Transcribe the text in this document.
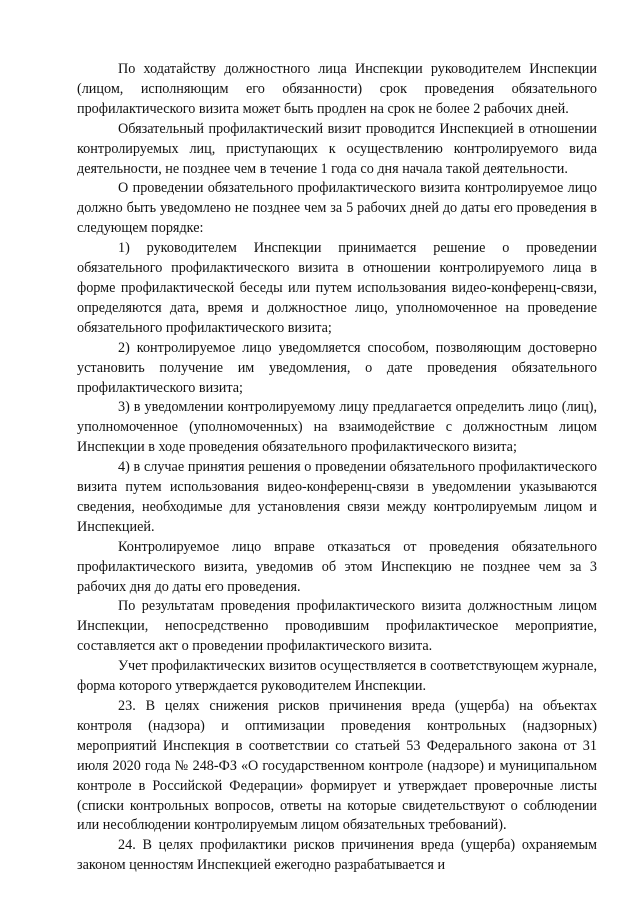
По ходатайству должностного лица Инспекции руководителем Инспекции (лицом, исполняющим его обязанности) срок проведения обязательного профилактического визита может быть продлен на срок не более 2 рабочих дней.

Обязательный профилактический визит проводится Инспекцией в отношении контролируемых лиц, приступающих к осуществлению контролируемого вида деятельности, не позднее чем в течение 1 года со дня начала такой деятельности.

О проведении обязательного профилактического визита контролируемое лицо должно быть уведомлено не позднее чем за 5 рабочих дней до даты его проведения в следующем порядке:

1) руководителем Инспекции принимается решение о проведении обязательного профилактического визита в отношении контролируемого лица в форме профилактической беседы или путем использования видео-конференц-связи, определяются дата, время и должностное лицо, уполномоченное на проведение обязательного профилактического визита;

2) контролируемое лицо уведомляется способом, позволяющим достоверно установить получение им уведомления, о дате проведения обязательного профилактического визита;

3) в уведомлении контролируемому лицу предлагается определить лицо (лиц), уполномоченное (уполномоченных) на взаимодействие с должностным лицом Инспекции в ходе проведения обязательного профилактического визита;

4) в случае принятия решения о проведении обязательного профилактического визита путем использования видео-конференц-связи в уведомлении указываются сведения, необходимые для установления связи между контролируемым лицом и Инспекцией.

Контролируемое лицо вправе отказаться от проведения обязательного профилактического визита, уведомив об этом Инспекцию не позднее чем за 3 рабочих дня до даты его проведения.

По результатам проведения профилактического визита должностным лицом Инспекции, непосредственно проводившим профилактическое мероприятие, составляется акт о проведении профилактического визита.

Учет профилактических визитов осуществляется в соответствующем журнале, форма которого утверждается руководителем Инспекции.

23. В целях снижения рисков причинения вреда (ущерба) на объектах контроля (надзора) и оптимизации проведения контрольных (надзорных) мероприятий Инспекция в соответствии со статьей 53 Федерального закона от 31 июля 2020 года № 248-ФЗ «О государственном контроле (надзоре) и муниципальном контроле в Российской Федерации» формирует и утверждает проверочные листы (списки контрольных вопросов, ответы на которые свидетельствуют о соблюдении или несоблюдении контролируемым лицом обязательных требований).

24. В целях профилактики рисков причинения вреда (ущерба) охраняемым законом ценностям Инспекцией ежегодно разрабатывается и
